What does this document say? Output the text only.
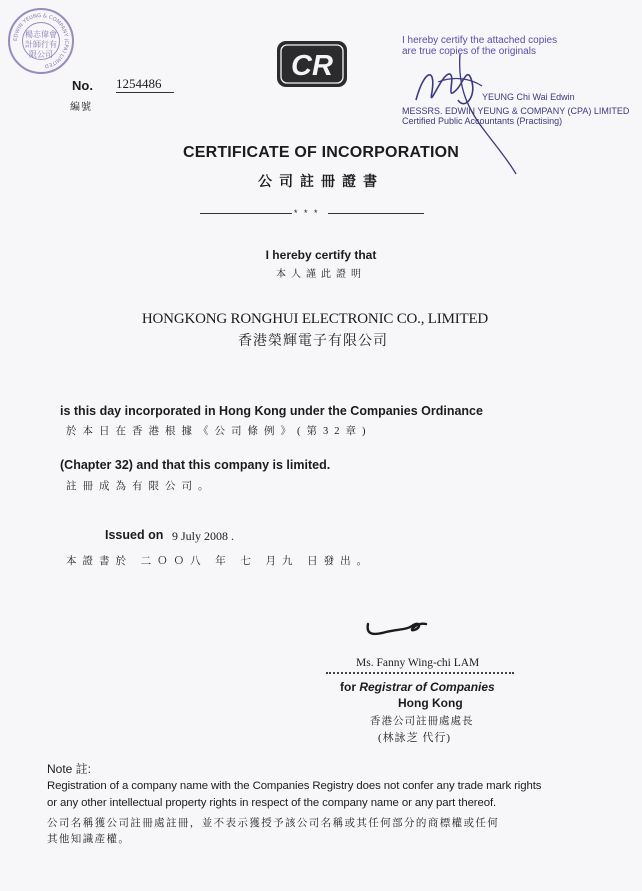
EDWIN YEUNG & COMPANY (CPA) LIMITED
楊志偉會計師行有限公司
No. 1254486
編號
CR
I hereby certify the attached copies
are true copies of the originals
YEUNG Chi Wai Edwin
MESSRS. EDWIN YEUNG & COMPANY (CPA) LIMITED
Certified Public Accountants (Practising)
CERTIFICATE OF INCORPORATION
公司註冊證書
* * *
I hereby certify that
本人謹此證明
HONGKONG RONGHUI ELECTRONIC CO., LIMITED
香港榮輝電子有限公司
is this day incorporated in Hong Kong under the Companies Ordinance
於本日在香港根據《公司條例》(第32章)
(Chapter 32) and that this company is limited.
註冊成為有限公司。
Issued on 9 July 2008 .
本證書於 二ＯＯ八 年 七 月九 日發出。
Ms. Fanny Wing-chi LAM
for Registrar of Companies
Hong Kong
香港公司註冊處處長
(林詠芝 代行)
Note 註:
Registration of a company name with the Companies Registry does not confer any trade mark rights
or any other intellectual property rights in respect of the company name or any part thereof.
公司名稱獲公司註冊處註冊，並不表示獲授予該公司名稱或其任何部分的商標權或任何
其他知識產權。
